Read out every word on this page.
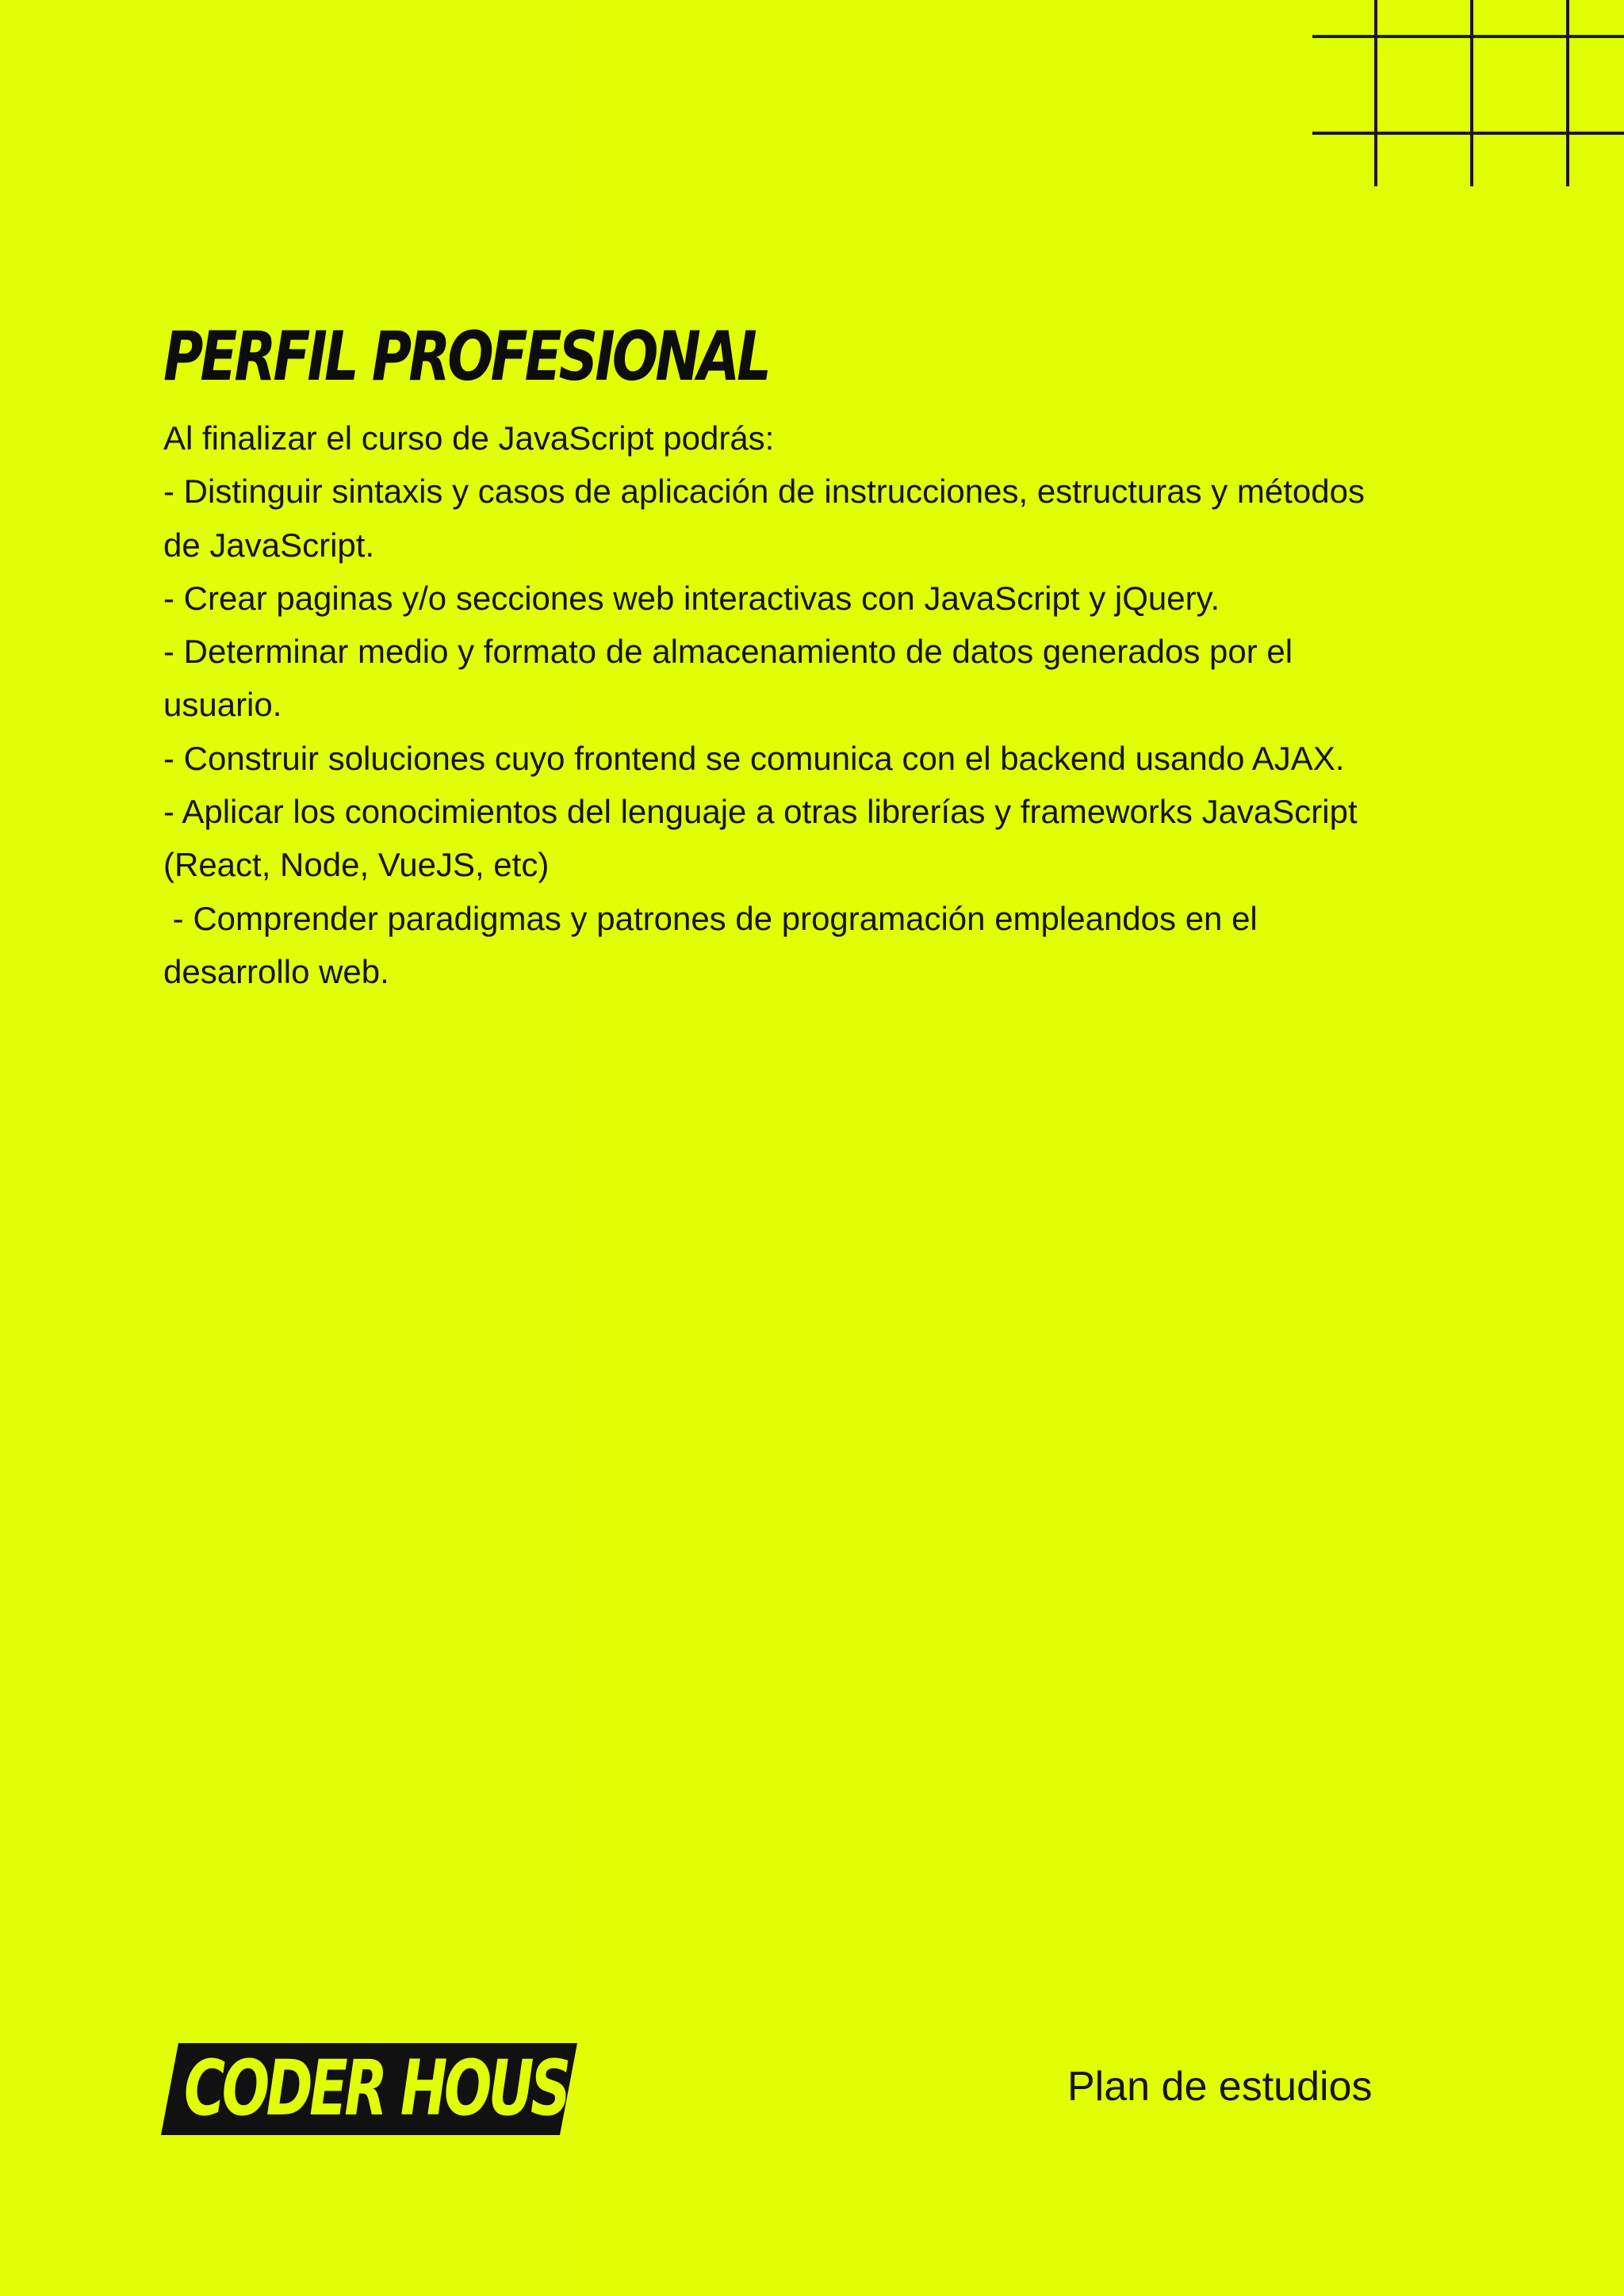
PERFIL PROFESIONAL
Al finalizar el curso de JavaScript podrás:
- Distinguir sintaxis y casos de aplicación de instrucciones, estructuras y métodos
de JavaScript.
- Crear paginas y/o secciones web interactivas con JavaScript y jQuery.
- Determinar medio y formato de almacenamiento de datos generados por el
usuario.
- Construir soluciones cuyo frontend se comunica con el backend usando AJAX.
- Aplicar los conocimientos del lenguaje a otras librerías y frameworks JavaScript
(React, Node, VueJS, etc)
- Comprender paradigmas y patrones de programación empleandos en el
desarrollo web.
CODER HOUSE	Plan de estudios
